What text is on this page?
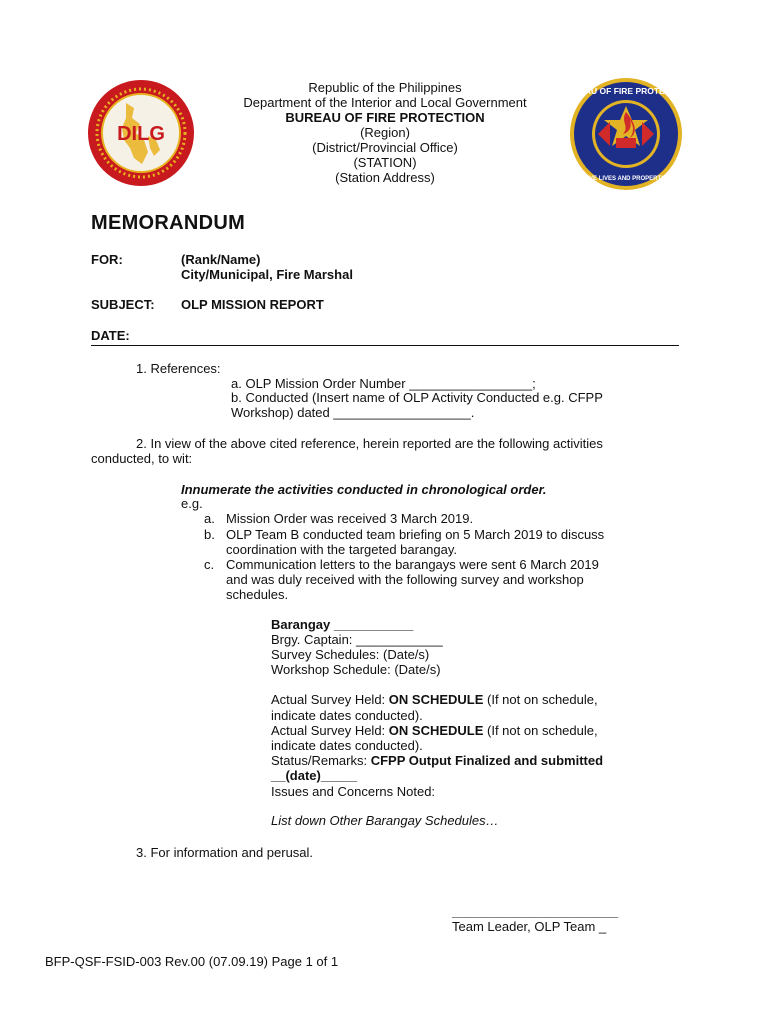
DILG
BUREAU OF FIRE PROTECTION
SAVE LIVES AND PROPERTIES
Republic of the Philippines
Department of the Interior and Local Government
BUREAU OF FIRE PROTECTION
(Region)
(District/Provincial Office)
(STATION)
(Station Address)
MEMORANDUM
FOR:	(Rank/Name)
City/Municipal, Fire Marshal
SUBJECT: OLP MISSION REPORT
DATE:
1. References:
a. OLP Mission Order Number _________________;
b. Conducted (Insert name of OLP Activity Conducted e.g. CFPP
Workshop) dated ___________________.
2. In view of the above cited reference, herein reported are the following activities
conducted, to wit:
Innumerate the activities conducted in chronological order.
e.g.
a. Mission Order was received 3 March 2019.
b. OLP Team B conducted team briefing on 5 March 2019 to discuss
coordination with the targeted barangay.
c. Communication letters to the barangays were sent 6 March 2019
and was duly received with the following survey and workshop
schedules.
Barangay ___________
Brgy. Captain: ____________
Survey Schedules: (Date/s)
Workshop Schedule: (Date/s)
Actual Survey Held: ON SCHEDULE (If not on schedule,
indicate dates conducted).
Actual Survey Held: ON SCHEDULE (If not on schedule,
indicate dates conducted).
Status/Remarks: CFPP Output Finalized and submitted
__(date)_____
Issues and Concerns Noted:
List down Other Barangay Schedules…
3. For information and perusal.
_______________________
Team Leader, OLP Team _
BFP-QSF-FSID-003 Rev.00 (07.09.19) Page 1 of 1
